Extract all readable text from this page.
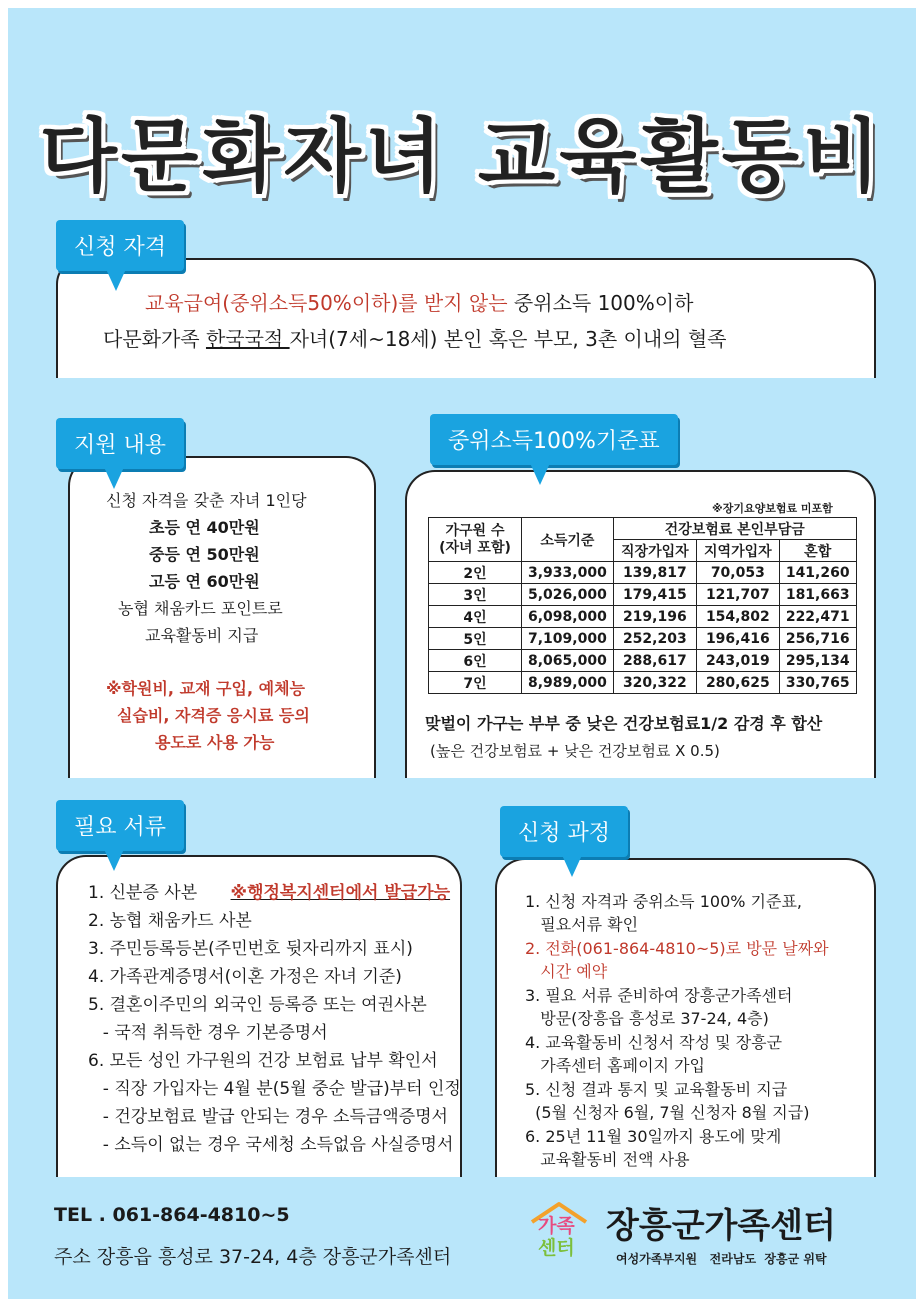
다문화자녀 교육활동비
신청 자격
교육급여(중위소득50%이하)를 받지 않는 중위소득 100%이하
다문화가족 한국국적 자녀(7세~18세) 본인 혹은 부모, 3촌 이내의 혈족
지원 내용
신청 자격을 갖춘 자녀 1인당
초등 연 40만원
중등 연 50만원
고등 연 60만원
농협 채움카드 포인트로
교육활동비 지급
※학원비, 교재 구입, 예체능
실습비, 자격증 응시료 등의
용도로 사용 가능
중위소득100%기준표
※장기요양보험료 미포함
가구원 수
(자녀 포함)	소득기준	건강보험료 본인부담금		
		직장가입자	지역가입자	혼합
2인	3,933,000	139,817	70,053	141,260
3인	5,026,000	179,415	121,707	181,663
4인	6,098,000	219,196	154,802	222,471
5인	7,109,000	252,203	196,416	256,716
6인	8,065,000	288,617	243,019	295,134
7인	8,989,000	320,322	280,625	330,765
맞벌이 가구는 부부 중 낮은 건강보험료1/2 감경 후 합산
(높은 건강보험료 + 낮은 건강보험료 X 0.5)
필요 서류
1. 신분증 사본 ※행정복지센터에서 발급가능
2. 농협 채움카드 사본
3. 주민등록등본(주민번호 뒷자리까지 표시)
4. 가족관계증명서(이혼 가정은 자녀 기준)
5. 결혼이주민의 외국인 등록증 또는 여권사본
- 국적 취득한 경우 기본증명서
6. 모든 성인 가구원의 건강 보험료 납부 확인서
- 직장 가입자는 4월 분(5월 중순 발급)부터 인정
- 건강보험료 발급 안되는 경우 소득금액증명서
- 소득이 없는 경우 국세청 소득없음 사실증명서
신청 과정
1. 신청 자격과 중위소득 100% 기준표,
필요서류 확인
2. 전화(061-864-4810~5)로 방문 날짜와
시간 예약
3. 필요 서류 준비하여 장흥군가족센터
방문(장흥읍 흥성로 37-24, 4층)
4. 교육활동비 신청서 작성 및 장흥군
가족센터 홈페이지 가입
5. 신청 결과 통지 및 교육활동비 지급
(5월 신청자 6월, 7월 신청자 8월 지급)
6. 25년 11월 30일까지 용도에 맞게
교육활동비 전액 사용
TEL . 061-864-4810~5
주소 장흥읍 흥성로 37-24, 4층 장흥군가족센터
가족
센터
장흥군가족센터
여성가족부지원   전라남도  장흥군 위탁
